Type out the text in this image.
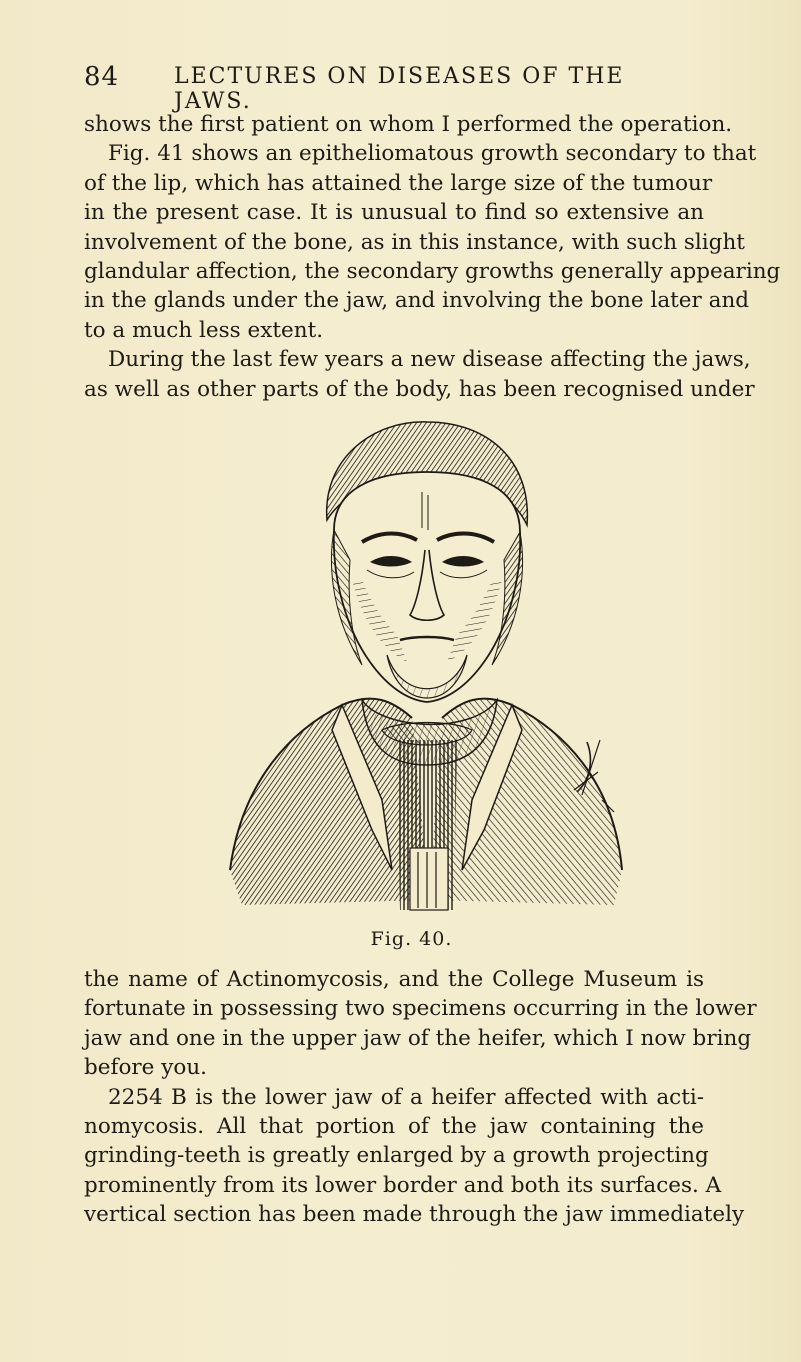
84 LECTURES ON DISEASES OF THE JAWS.
shows the first patient on whom I performed the operation.
Fig. 41 shows an epitheliomatous growth secondary to that
of the lip, which has attained the large size of the tumour
in the present case. It is unusual to find so extensive an
involvement of the bone, as in this instance, with such slight
glandular affection, the secondary growths generally appearing
in the glands under the jaw, and involving the bone later and
to a much less extent.
During the last few years a new disease affecting the jaws,
as well as other parts of the body, has been recognised under
Fig. 40.
the name of Actinomycosis, and the College Museum is
fortunate in possessing two specimens occurring in the lower
jaw and one in the upper jaw of the heifer, which I now bring
before you.
2254 B is the lower jaw of a heifer affected with acti-
nomycosis. All that portion of the jaw containing the
grinding-teeth is greatly enlarged by a growth projecting
prominently from its lower border and both its surfaces. A
vertical section has been made through the jaw immediately
